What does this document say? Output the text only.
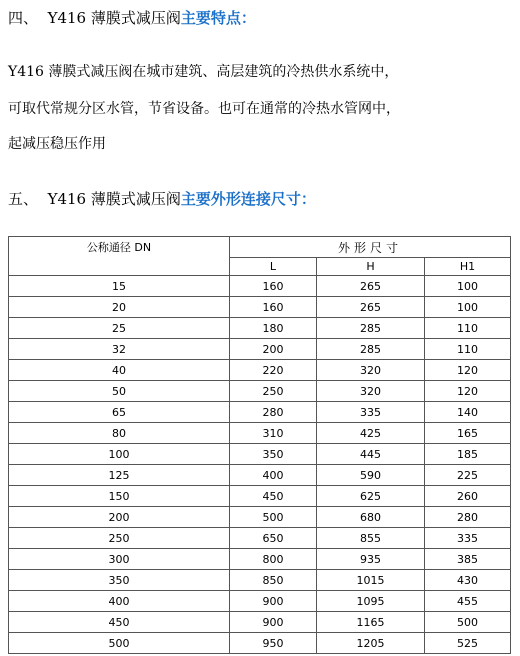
四、 Y416 薄膜式减压阀主要特点：
Y416 薄膜式减压阀在城市建筑、高层建筑的冷热供水系统中，
可取代常规分区水管，节省设备。也可在通常的冷热水管网中，
起减压稳压作用
五、 Y416 薄膜式减压阀主要外形连接尺寸：
公称通径 DN	外形尺寸		
	L	H	H1
15	160	265	100
20	160	265	100
25	180	285	110
32	200	285	110
40	220	320	120
50	250	320	120
65	280	335	140
80	310	425	165
100	350	445	185
125	400	590	225
150	450	625	260
200	500	680	280
250	650	855	335
300	800	935	385
350	850	1015	430
400	900	1095	455
450	900	1165	500
500	950	1205	525
